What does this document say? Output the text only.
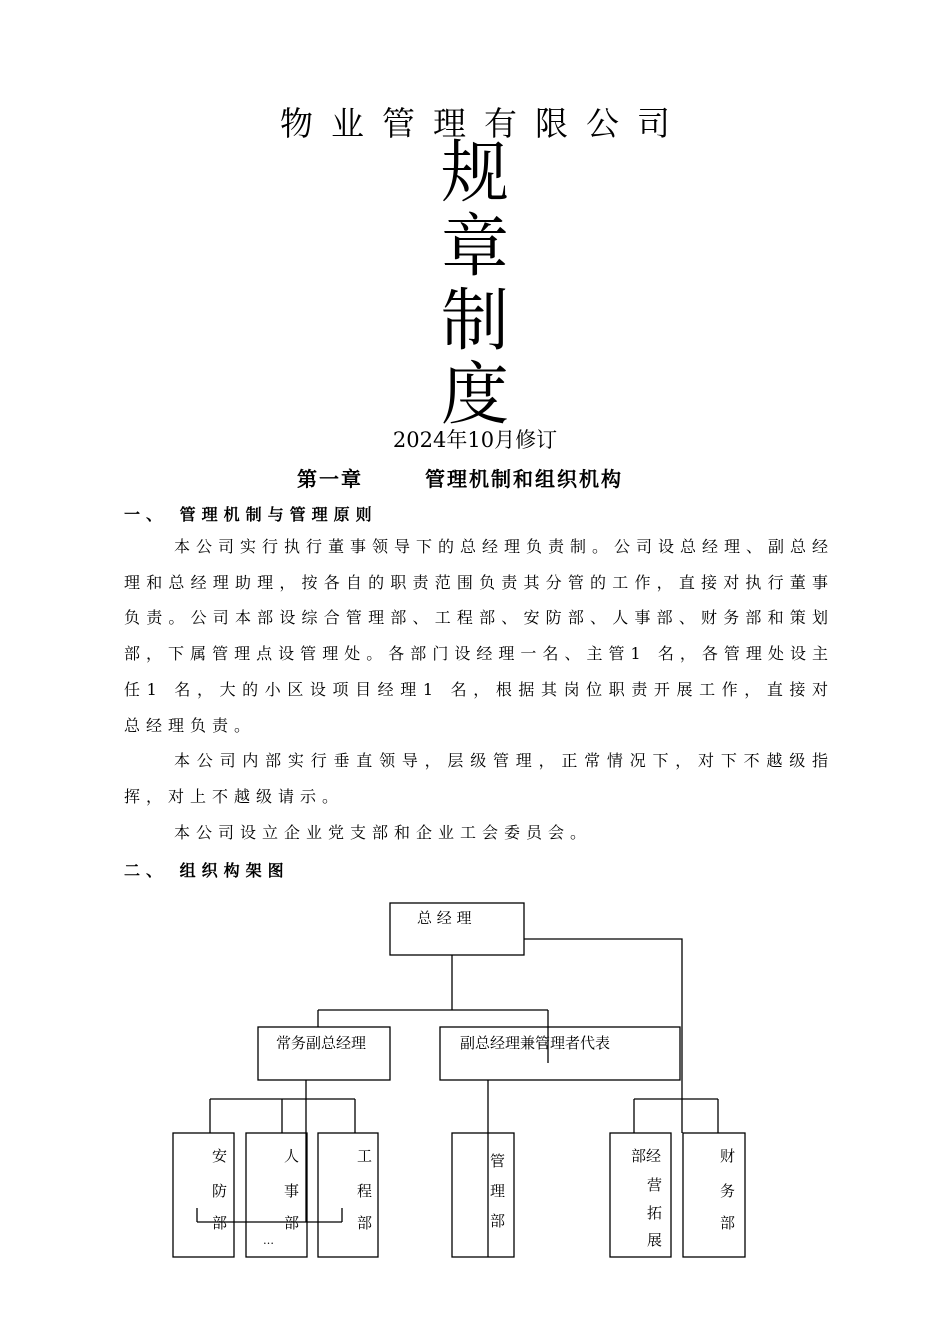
物业管理有限公司
规
章
制
度
2024年10月修订
第一章	管理机制和组织机构
一、 管理机制与管理原则

本公司实行执行董事领导下的总经理负责制。公司设总经理、副总经理和总经理助理，按各自的职责范围负责其分管的工作，直接对执行董事负责。公司本部设综合管理部、工程部、安防部、人事部、财务部和策划部，下属管理点设管理处。各部门设经理一名、主管1 名，各管理处设主任1 名，大的小区设项目经理1 名，根据其岗位职责开展工作，直接对总经理负责。

本公司内部实行垂直领导，层级管理，正常情况下，对下不越级指挥，对上不越级请示。

本公司设立企业党支部和企业工会委员会。

二、 组织构架图
总 经 理
常务副总经理	副总经理兼管理者代表
安
防
部
人
事
部
…
工
程
部
管
理
部
部经
营
拓
展
财
务
部
